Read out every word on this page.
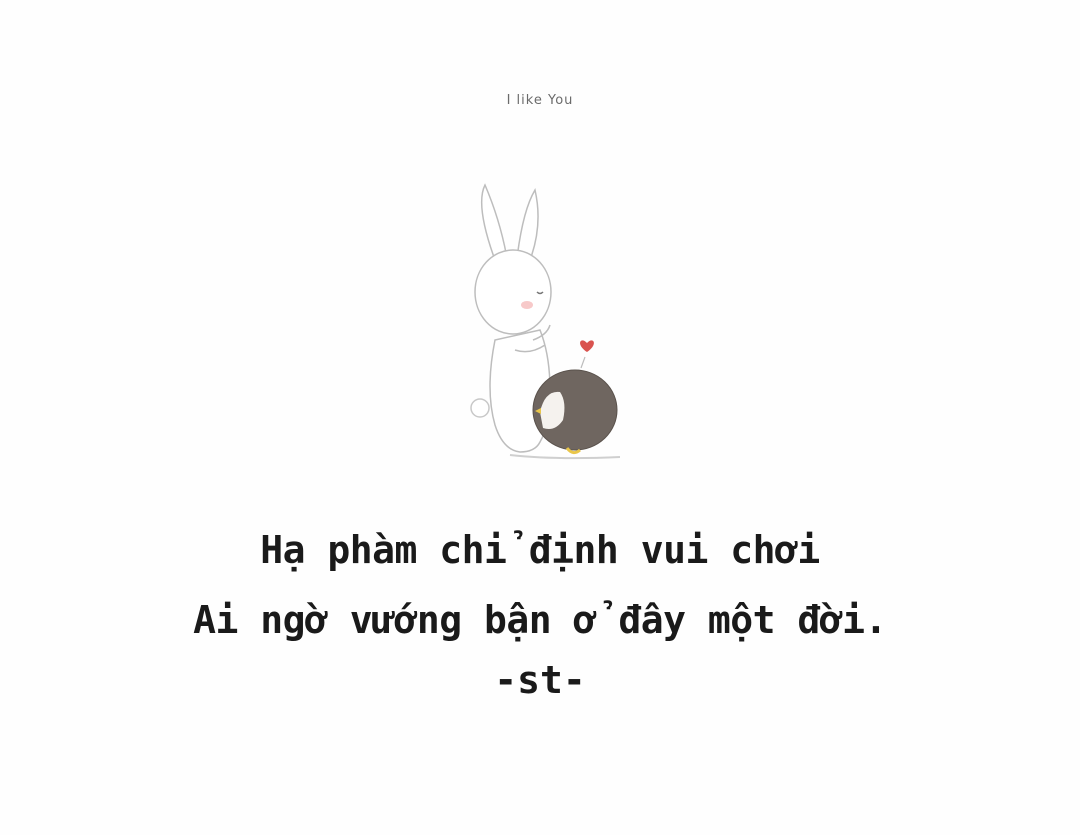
I like You
Hạ phàm chỉ định vui chơi
Ai ngờ vướng bận ở đây một đời.
-st-
